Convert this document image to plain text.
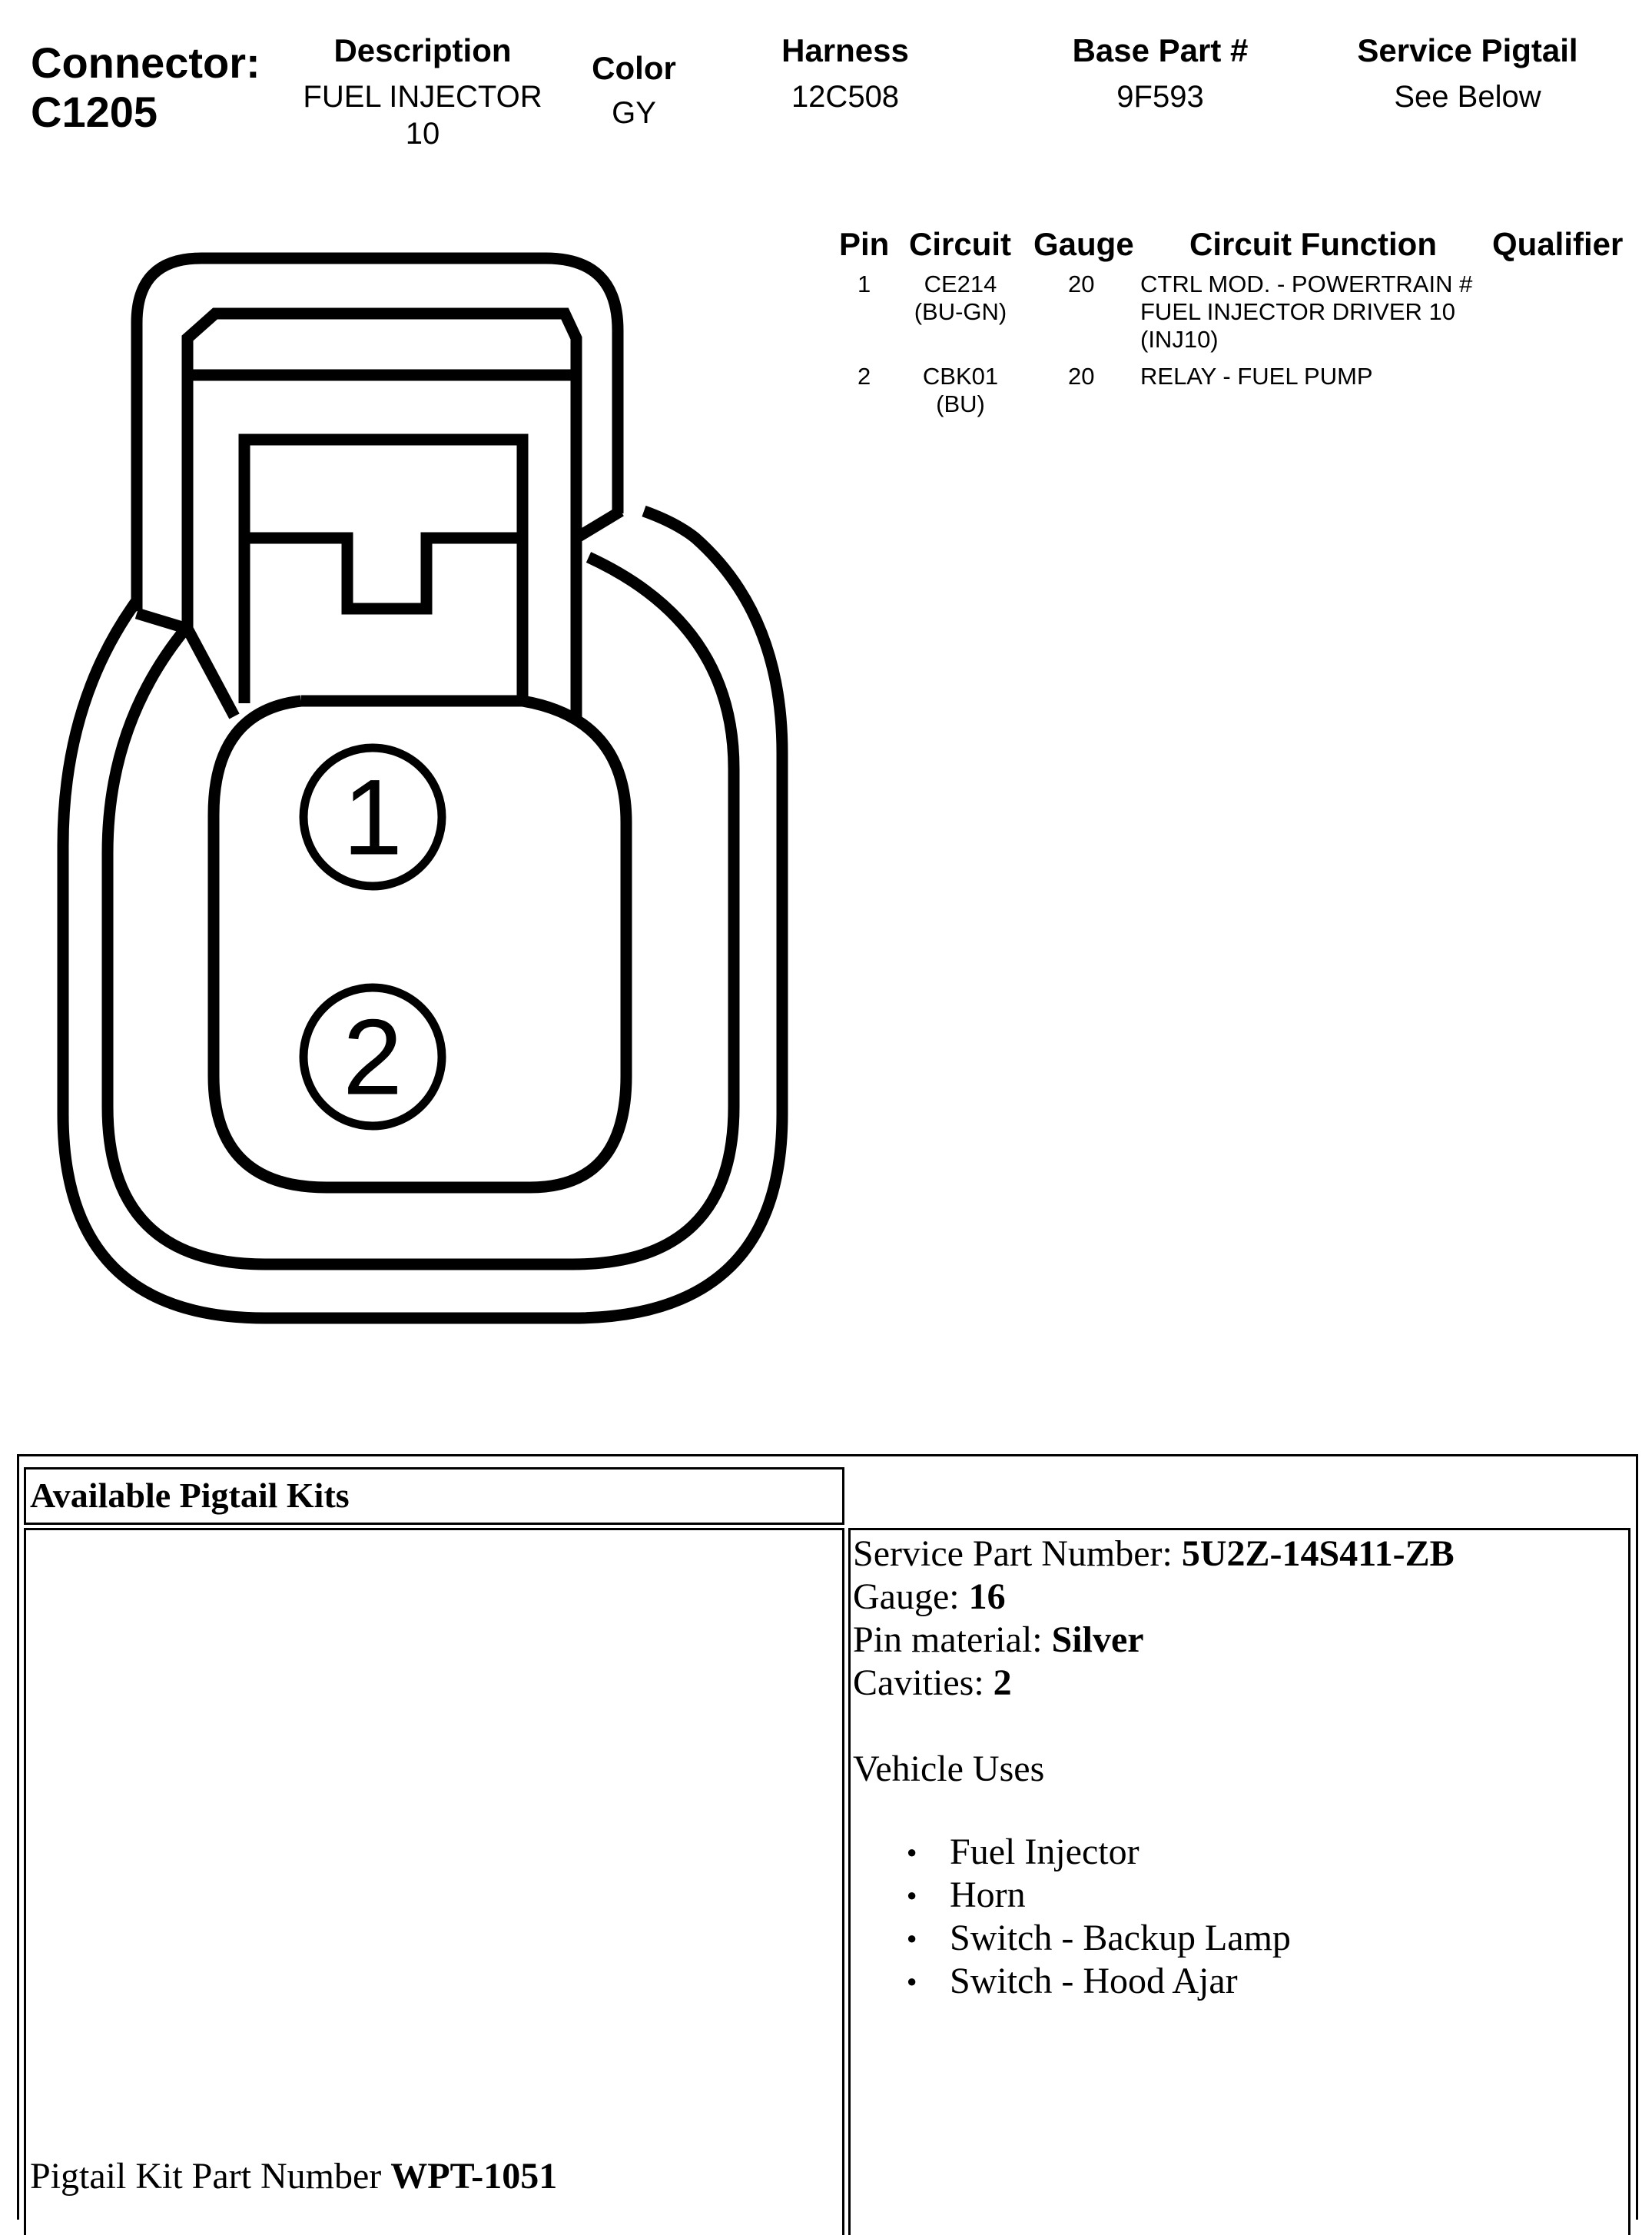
Connector:
C1205
Description
FUEL INJECTOR
10
Color
GY
Harness
12C508
Base Part #
9F593
Service Pigtail
See Below
Pin Circuit Gauge Circuit Function Qualifier
1	CE214
(BU-GN)
20 CTRL MOD. - POWERTRAIN #
FUEL INJECTOR DRIVER 10
(INJ10)
2	CBK01
(BU)
20 RELAY - FUEL PUMP
1
2
Available Pigtail Kits
Service Part Number: 5U2Z-14S411-ZB
Gauge: 16
Pin material: Silver
Cavities: 2
Vehicle Uses
● Fuel Injector
● Horn
● Switch - Backup Lamp
● Switch - Hood Ajar
Pigtail Kit Part Number WPT-1051
